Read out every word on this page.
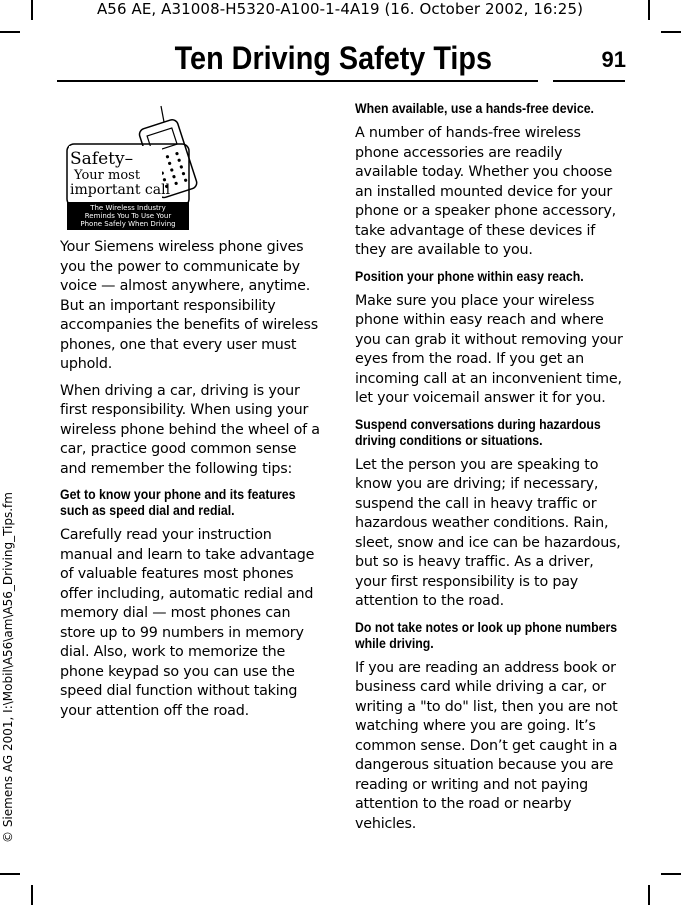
A56 AE, A31008-H5320-A100-1-4A19 (16. October 2002, 16:25)
© Siemens AG 2001, I:\Mobil\A56\am\A56_Driving_Tips.fm
Ten Driving Safety Tips	91
Safety–
Your most
important call
The Wireless Industry
Reminds You To Use Your
Phone Safely When Driving

Your Siemens wireless phone gives you the power to communicate by voice — almost anywhere, anytime. But an important responsibility accompanies the benefits of wireless phones, one that every user must uphold.

When driving a car, driving is your first responsibility. When using your wireless phone behind the wheel of a car, practice good common sense and remember the following tips:

Get to know your phone and its features such as speed dial and redial.

Carefully read your instruction manual and learn to take advantage of valuable features most phones offer including, automatic redial and memory dial — most phones can store up to 99 numbers in memory dial. Also, work to memorize the phone keypad so you can use the speed dial function without taking your attention off the road.

When available, use a hands-free device.

A number of hands-free wireless phone accessories are readily available today. Whether you choose an installed mounted device for your phone or a speaker phone accessory, take advantage of these devices if they are available to you.

Position your phone within easy reach.

Make sure you place your wireless phone within easy reach and where you can grab it without removing your eyes from the road. If you get an incoming call at an inconvenient time, let your voicemail answer it for you.

Suspend conversations during hazardous driving conditions or situations.

Let the person you are speaking to know you are driving; if necessary, suspend the call in heavy traffic or hazardous weather conditions. Rain, sleet, snow and ice can be hazardous, but so is heavy traffic. As a driver, your first responsibility is to pay attention to the road.

Do not take notes or look up phone numbers while driving.

If you are reading an address book or business card while driving a car, or writing a "to do" list, then you are not watching where you are going. It’s common sense. Don’t get caught in a dangerous situation because you are reading or writing and not paying attention to the road or nearby vehicles.
